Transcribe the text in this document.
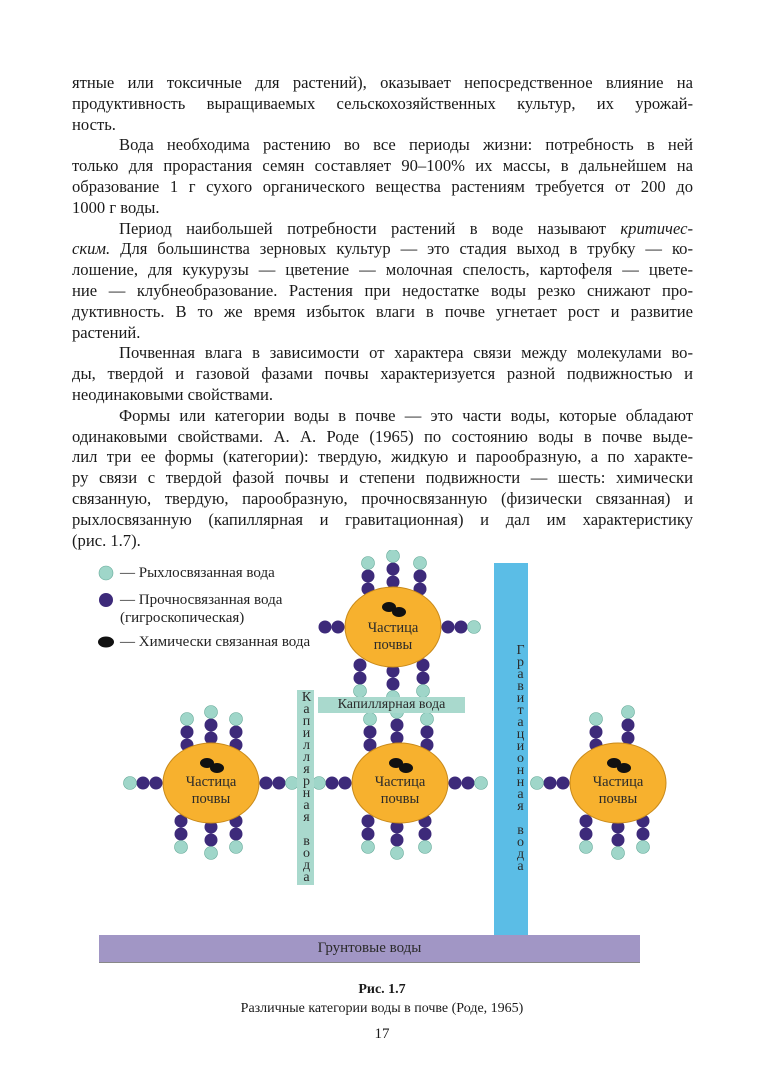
ятные или токсичные для растений), оказывает непосредственное влияние на
продуктивность выращиваемых сельскохозяйственных культур, их урожай-
ность.
Вода необходима растению во все периоды жизни: потребность в ней
только для прорастания семян составляет 90–100% их массы, в дальнейшем на
образование 1 г сухого органического вещества растениям требуется от 200 до
1000 г воды.
Период наибольшей потребности растений в воде называют критичес-
ским. Для большинства зерновых культур — это стадия выход в трубку — ко-
лошение, для кукурузы — цветение — молочная спелость, картофеля — цвете-
ние — клубнеобразование. Растения при недостатке воды резко снижают про-
дуктивность. В то же время избыток влаги в почве угнетает рост и развитие
растений.
Почвенная влага в зависимости от характера связи между молекулами во-
ды, твердой и газовой фазами почвы характеризуется разной подвижностью и
неодинаковыми свойствами.
Формы или категории воды в почве — это части воды, которые обладают
одинаковыми свойствами. А. А. Роде (1965) по состоянию воды в почве выде-
лил три ее формы (категории): твердую, жидкую и парообразную, а по характе-
ру связи с твердой фазой почвы и степени подвижности — шесть: химически
связанную, твердую, парообразную, прочносвязанную (физически связанная) и
рыхлосвязанную (капиллярная и гравитационная) и дал им характеристику
(рис. 1.7).
— Рыхлосвязанная вода
— Прочносвязанная вода (гигроскопическая)
— Химически связанная вода
Частица почвы
Частица почвы
Частица почвы
Частица почвы
Капиллярная вода	Капиллярная вода	Гравитационная вода
Грунтовые воды
Рис. 1.7
Различные категории воды в почве (Роде, 1965)
17
